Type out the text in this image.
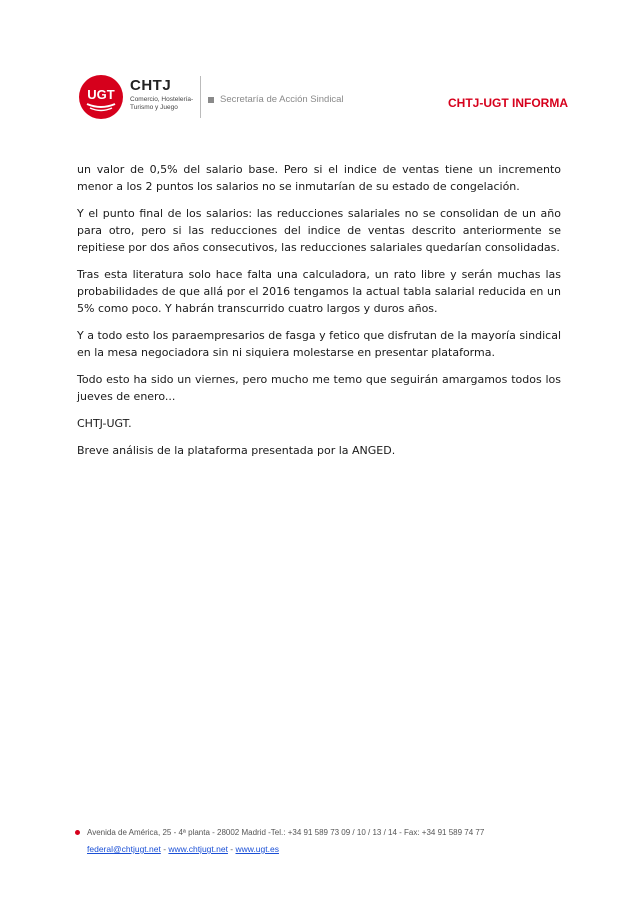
UGT
CHTJ
Comercio, Hostelería-Turismo y Juego
Secretaría de Acción Sindical	CHTJ-UGT INFORMA

un valor de 0,5% del salario base. Pero si el indice de ventas tiene un incremento menor a los 2 puntos los salarios no se inmutarían de su estado de congelación.

Y el punto final de los salarios: las reducciones salariales no se consolidan de un año para otro, pero si las reducciones del indice de ventas descrito anteriormente se repitiese por dos años consecutivos, las reducciones salariales quedarían consolidadas.

Tras esta literatura solo hace falta una calculadora, un rato libre y serán muchas las probabilidades de que allá por el 2016 tengamos la actual tabla salarial reducida en un 5% como poco. Y habrán transcurrido cuatro largos y duros años.

Y a todo esto los paraempresarios de fasga y fetico que disfrutan de la mayoría sindical en la mesa negociadora sin ni siquiera molestarse en presentar plataforma.

Todo esto ha sido un viernes, pero mucho me temo que seguirán amargamos todos los jueves de enero...

CHTJ-UGT.

Breve análisis de la plataforma presentada por la ANGED.

Avenida de América, 25 - 4ª planta - 28002 Madrid -Tel.: +34 91 589 73 09 / 10 / 13 / 14 - Fax: +34 91 589 74 77
federal@chtjugt.net - www.chtjugt.net - www.ugt.es
